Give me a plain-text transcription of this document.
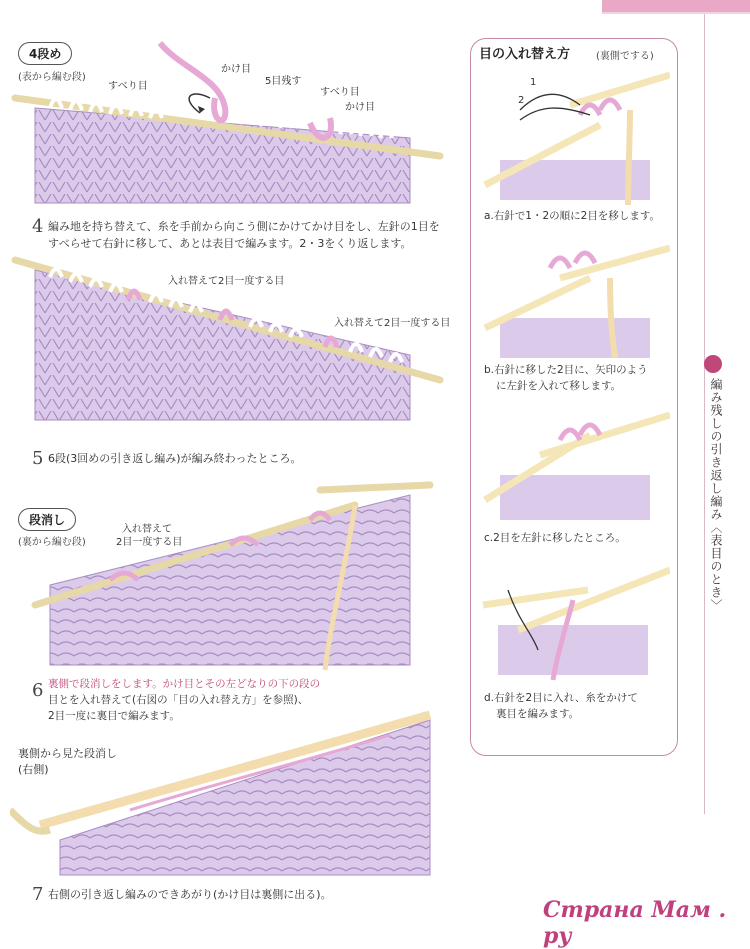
4段め
(表から編む段)
すべり目
かけ目
5目残す
すべり目
かけ目
4 編み地を持ち替えて、糸を手前から向こう側にかけてかけ目をし、左針の1目を
すべらせて右針に移して、あとは表目で編みます。2・3をくり返します。
入れ替えて2目一度する目
入れ替えて2目一度する目
5 6段(3回めの引き返し編み)が編み終わったところ。
段消し
(裏から編む段)
入れ替えて
2目一度する目
6 裏側で段消しをします。かけ目とその左どなりの下の段の
目とを入れ替えて(右図の「目の入れ替え方」を参照)、
2目一度に裏目で編みます。
裏側から見た段消し
(右側)
7 右側の引き返し編みのできあがり(かけ目は裏側に出る)。
目の入れ替え方	(裏側でする)
1
2
a.右針で1・2の順に2目を移します。
b.右針に移した2目に、矢印のよう
に左針を入れて移します。
c.2目を左針に移したところ。
d.右針を2目に入れ、糸をかけて
裏目を編みます。
編み残しの引き返し編み〈表目のとき〉
Страна Мам . ру
